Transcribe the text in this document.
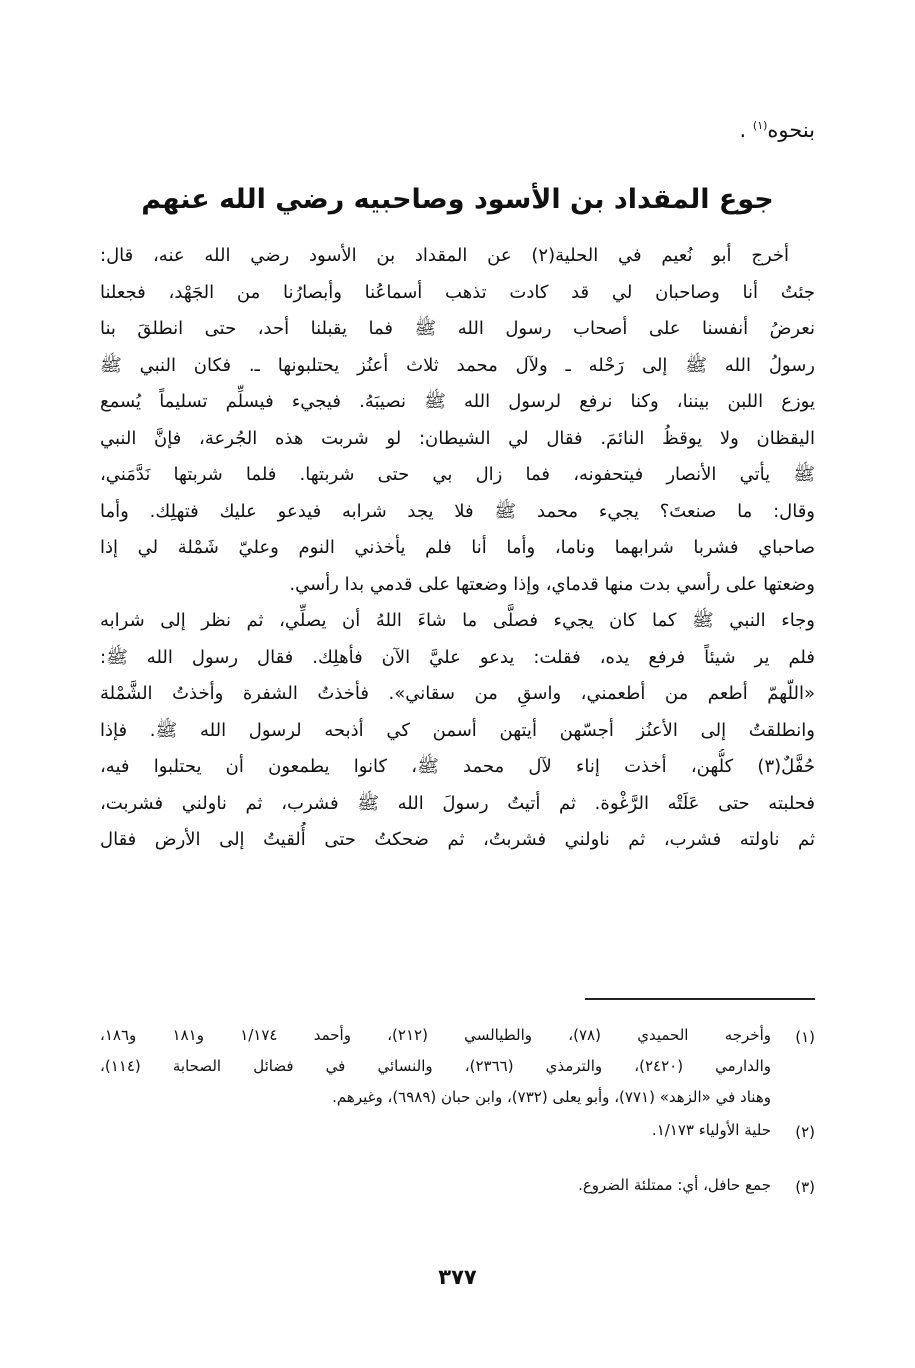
بنحوه$^{(١)}$ .
جوع المقداد بن الأسود وصاحبيه رضي الله عنهم
أخرج أبو نُعيم في الحلية(٢) عن المقداد بن الأسود رضي الله عنه، قال:
جئتُ أنا وصاحبان لي قد كادت تذهب أسماعُنا وأبصارُنا من الجَهْد، فجعلنا
نعرضُ أنفسنا على أصحاب رسول الله ﷺ فما يقبلنا أحد، حتى انطلقَ بنا
رسولُ الله ﷺ إلى رَحْله ـ ولآل محمد ثلاث أعنُز يحتلبونها ـ. فكان النبي ﷺ
يوزع اللبن بيننا، وكنا نرفع لرسول الله ﷺ نصيبَهُ. فيجيء فيسلِّم تسليماً يُسمع
اليقظان ولا يوقظُ النائمَ. فقال لي الشيطان: لو شربت هذه الجُرعة، فإنَّ النبي
ﷺ يأتي الأنصار فيتحفونه، فما زال بي حتى شربتها. فلما شربتها نَدَّمَني،
وقال: ما صنعتَ؟ يجيء محمد ﷺ فلا يجد شرابه فيدعو عليك فتهلِك. وأما
صاحباي فشربا شرابهما وناما، وأما أنا فلم يأخذني النوم وعليّ شَمْلة لي إذا
وضعتها على رأسي بدت منها قدماي، وإذا وضعتها على قدمي بدا رأسي.
وجاء النبي ﷺ كما كان يجيء فصلَّى ما شاءَ اللهُ أن يصلِّي، ثم نظر إلى شرابه
فلم ير شيئاً فرفع يده، فقلت: يدعو عليَّ الآن فأهلِك. فقال رسول الله ﷺ:
«اللّهمّ أطعم من أطعمني، واسقِ من سقاني». فأخذتُ الشفرة وأخذتُ الشَّمْلة
وانطلقتُ إلى الأعنُز أجسّهن أيتهن أسمن كي أذبحه لرسول الله ﷺ. فإذا
حُفَّلٌ(٣) كلُّهن، أخذت إناء لآل محمد ﷺ، كانوا يطمعون أن يحتلبوا فيه،
فحلبته حتى عَلَتْه الرَّغْوة. ثم أتيتُ رسولَ الله ﷺ فشرب، ثم ناولني فشربت،
ثم ناولته فشرب، ثم ناولني فشربتُ، ثم ضحكتُ حتى أُلقيتُ إلى الأرض فقال
(١)
وأخرجه الحميدي (٧٨)، والطيالسي (٢١٢)، وأحمد ١/١٧٤ و١٨١ و١٨٦،
والدارمي (٢٤٢٠)، والترمذي (٢٣٦٦)، والنسائي في فضائل الصحابة (١١٤)،
وهناد في «الزهد» (٧٧١)، وأبو يعلى (٧٣٢)، وابن حبان (٦٩٨٩)، وغيرهم.
(٢)
حلية الأولياء ١/١٧٣.
(٣)
جمع حافل، أي: ممتلئة الضروع.
٣٧٧
